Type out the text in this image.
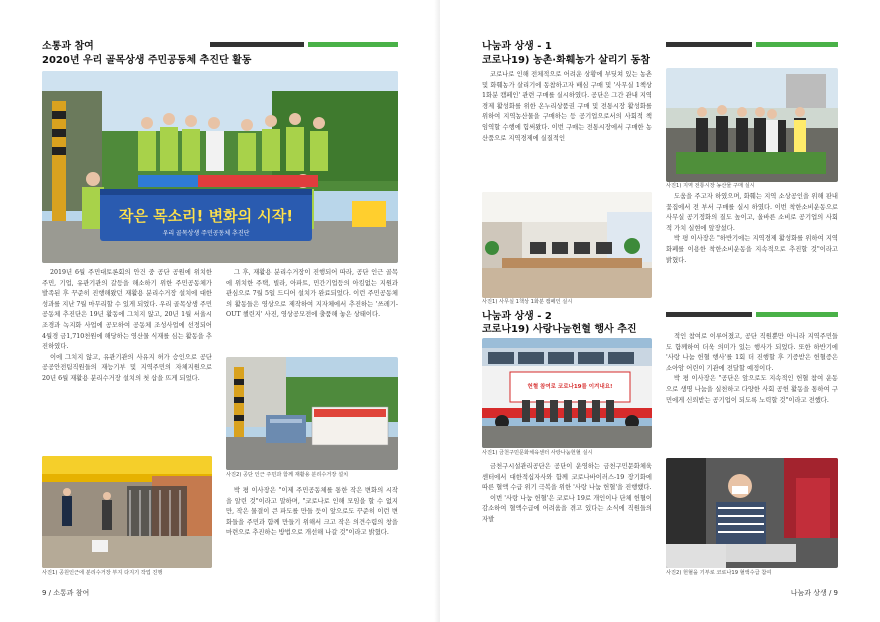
소통과 참여
2020년 우리 골목상생 주민공동체 추진단 활동
작은 목소리! 변화의 시작!
우리 골목상생 주민공동체 추진단

2019년 6월 주민대토론회의 안건 중 공단 공원에 위치한 주민, 기업, 유관기관의 갈등을 해소하기 위한 주민공동체가 발족된 후 꾸준히 진행해왔던 재활용 분리수거장 설치에 대한 성과를 지난 7월 마무리할 수 있게 되었다. 우리 골목상생 주민공동체 추진단은 19년 활동에 그치지 않고, 20년 1월 서울시 조경과 녹지화 사업에 공모하여 공동체 조성사업에 선정되어 4월경 금1,710천원에 해당하는 영산물 식재를 심는 활동을 추진하였다.

이에 그치지 않고, 유관기관의 사유지 허가 승인으로 공단 공공안전팀직원들의 재능기부 및 지역주민의 자체지원으로 20년 6월 재활용 분리수거장 설치의 첫 삽을 뜨게 되었다.

그 후, 재활용 분리수거장이 진행되어 따라, 공단 인근 골목에 위치한 주택, 빌라, 아파트, 민간기업등의 아킴없는 지원과 관심으로 7월 5일 드디어 설치가 완료되었다. 이런 주민공동체의 활동들은 영상으로 제작하여 지자체에서 추진하는 '쓰레기-OUT 챌린지' 사진, 영상공모전에 출품해 놓은 상태이다.

사진2) 공단 인근 주민과 함께 재활용 분리수거장 설치

박 평 이사장은 "이제 주민공동체를 통한 작은 변화의 시작을 알린 것"이라고 말하며, "코로나로 인해 모임을 할 수 없지만, 작은 물결이 큰 파도를 만들 듯이 앞으로도 꾸준히 이런 변화들을 주민과 함께 만들기 위해서 크고 작은 의견수렴의 창을 마련으로 추진하는 방법으로 개선해 나갈 것"이라고 밝혔다.

사진1) 공원인근에 분리수거장 부지 다지기 작업 진행
9 / 소통과 참여
나눔과 상생 - 1
코로나19) 농촌·화훼농가 살리기 동참

코로나로 인해 전체적으로 어려운 상황에 부딪쳐 있는 농촌 및 화훼농가 살리기에 동참하고자 배심 구매 및 '사무실 1책상 1화분 캠페인' 관련 구매를 실시하였다. 공단은 그간 관내 지역경제 활성화를 위한 온누리상품권 구매 및 전통시장 활성화를 위하여 지역농산물을 구매하는 등 공기업으로서의 사회적 책임역할 수행에 힘써왔다. 이번 구매는 전통시장에서 구매한 농산품으로 지역경제에 실질적인

사진1) 지역 전통시장 농산물 구매 실시
사진1) 사무실 1책상 1화분 캠페인 실시

도움을 주고자 하였으며, 화훼는 지역 소상공인을 위해 판내 꽃집에서 전 부서 구매를 실시 하였다. 이번 착한소비운동으로 사무실 공기정화의 질도 높이고, 올바른 소비로 공기업의 사회적 가치 실현에 앞장섰다.

박 평 이사장은 "하반기에는 지역경제 활성화를 위하여 지역화폐를 이용한 착한소비운동을 지속적으로 추진할 것"이라고 밝혔다.

나눔과 상생 - 2
코로나19) 사랑나눔헌혈 행사 추진
헌혈 참여로 코로나19를 이겨내요!
사진1) 금천구민문화체육센터 사랑나눔헌혈 실시

금천구시설관리공단은 공단이 운영하는 금천구민문화체육센터에서 대한적십자사와 함께 코로나바이러스-19 장기화에 따른 혈액 수급 위기 극복을 위한 '사랑 나눔 헌혈'을 진행했다.

이번 '사랑 나눔 헌혈'은 코로나 19로 개인이나 단체 헌혈이 감소하여 혈액수급에 어려움을 겪고 있다는 소식에 직원들의 자발

적인 참여로 이루어졌고, 공단 직원뿐만 아니라 지역주민들도 함께하여 더욱 의미가 있는 행사가 되었다. 또한 하반기에 '사랑 나눔 헌혈 행사'를 1회 더 진행할 후 기증받은 헌혈증은 소아암 어린이 기관에 전달할 예정이다.

박 평 이사장은 "공단은 앞으로도 지속적인 헌혈 참여 운동으로 생명 나눔을 실천하고 다양한 사회 공헌 활동을 통하여 구민에게 신뢰받는 공기업이 되도록 노력할 것"이라고 전했다.

사진2) 헌혈을 기부로 코로나19 혈액수급 참여
나눔과 상생 / 9
